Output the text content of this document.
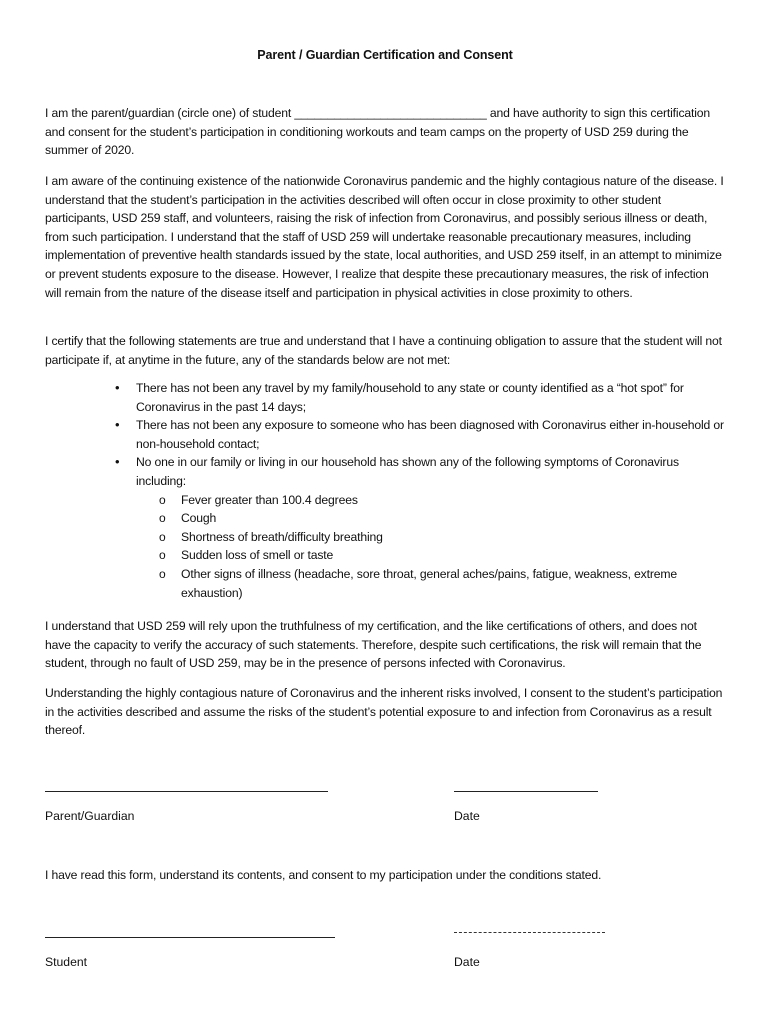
Parent / Guardian Certification and Consent

I am the parent/guardian (circle one) of student _____________________________ and have authority to sign this certification and consent for the student’s participation in conditioning workouts and team camps on the property of USD 259 during the summer of 2020.

I am aware of the continuing existence of the nationwide Coronavirus pandemic and the highly contagious nature of the disease. I understand that the student’s participation in the activities described will often occur in close proximity to other student participants, USD 259 staff, and volunteers, raising the risk of infection from Coronavirus, and possibly serious illness or death, from such participation. I understand that the staff of USD 259 will undertake reasonable precautionary measures, including implementation of preventive health standards issued by the state, local authorities, and USD 259 itself, in an attempt to minimize or prevent students exposure to the disease. However, I realize that despite these precautionary measures, the risk of infection will remain from the nature of the disease itself and participation in physical activities in close proximity to others.

I certify that the following statements are true and understand that I have a continuing obligation to assure that the student will not participate if, at anytime in the future, any of the standards below are not met:

• There has not been any travel by my family/household to any state or county identified as a “hot spot” for Coronavirus in the past 14 days;
• There has not been any exposure to someone who has been diagnosed with Coronavirus either in-household or non-household contact;
• No one in our family or living in our household has shown any of the following symptoms of Coronavirus including:
o Fever greater than 100.4 degrees
o Cough
o Shortness of breath/difficulty breathing
o Sudden loss of smell or taste
o Other signs of illness (headache, sore throat, general aches/pains, fatigue, weakness, extreme exhaustion)

I understand that USD 259 will rely upon the truthfulness of my certification, and the like certifications of others, and does not have the capacity to verify the accuracy of such statements. Therefore, despite such certifications, the risk will remain that the student, through no fault of USD 259, may be in the presence of persons infected with Coronavirus.

Understanding the highly contagious nature of Coronavirus and the inherent risks involved, I consent to the student’s participation in the activities described and assume the risks of the student’s potential exposure to and infection from Coronavirus as a result thereof.

Parent/Guardian	Date

I have read this form, understand its contents, and consent to my participation under the conditions stated.

Student	Date
